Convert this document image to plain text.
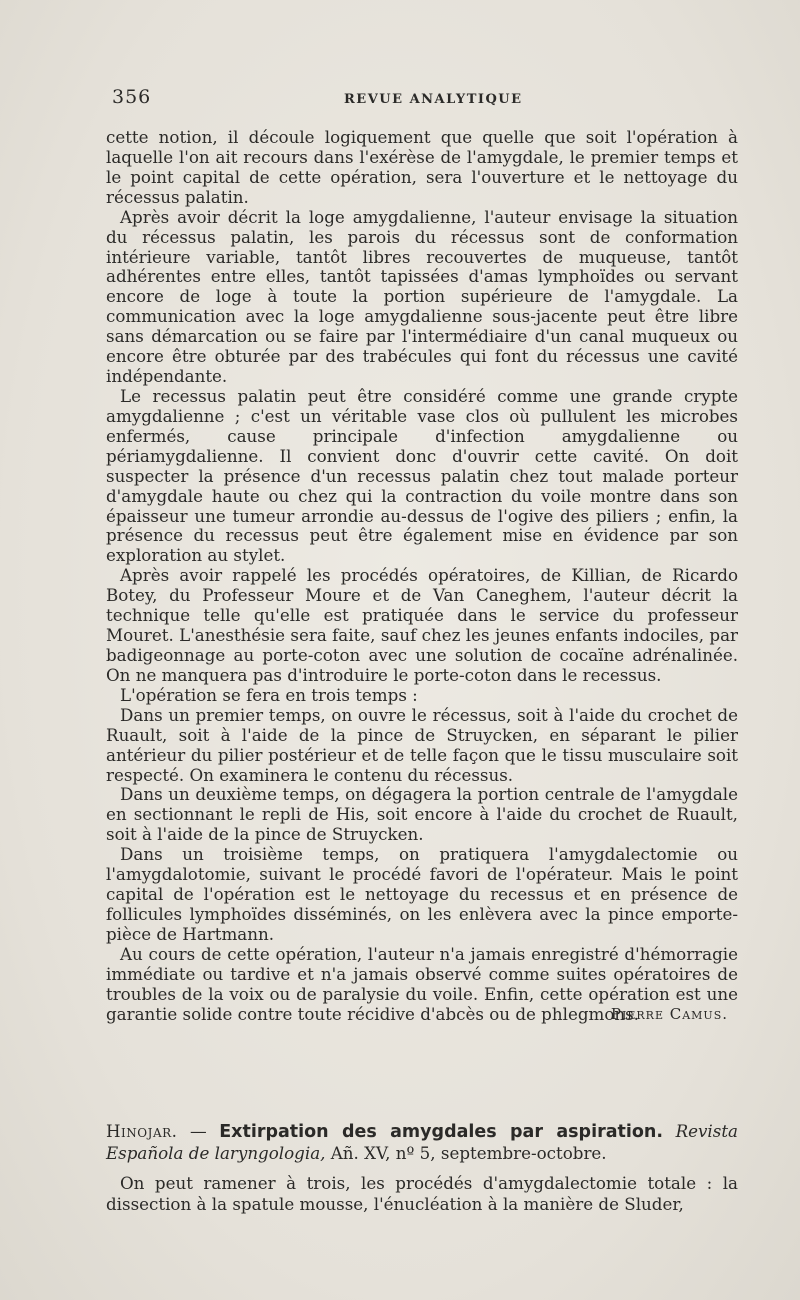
356	REVUE ANALYTIQUE

cette notion, il découle logiquement que quelle que soit l'opération à laquelle l'on ait recours dans l'exérèse de l'amygdale, le premier temps et le point capital de cette opération, sera l'ouverture et le nettoyage du récessus palatin.

Après avoir décrit la loge amygdalienne, l'auteur envisage la situation du récessus palatin, les parois du récessus sont de conformation intérieure variable, tantôt libres recouvertes de muqueuse, tantôt adhérentes entre elles, tantôt tapissées d'amas lymphoïdes ou servant encore de loge à toute la portion supérieure de l'amygdale. La communication avec la loge amygdalienne sous-jacente peut être libre sans démarcation ou se faire par l'intermédiaire d'un canal muqueux ou encore être obturée par des trabécules qui font du récessus une cavité indépendante.

Le recessus palatin peut être considéré comme une grande crypte amygdalienne ; c'est un véritable vase clos où pullulent les microbes enfermés, cause principale d'infection amygdalienne ou périamygdalienne. Il convient donc d'ouvrir cette cavité. On doit suspecter la présence d'un recessus palatin chez tout malade porteur d'amygdale haute ou chez qui la contraction du voile montre dans son épaisseur une tumeur arrondie au-dessus de l'ogive des piliers ; enfin, la présence du recessus peut être également mise en évidence par son exploration au stylet.

Après avoir rappelé les procédés opératoires, de Killian, de Ricardo Botey, du Professeur Moure et de Van Caneghem, l'auteur décrit la technique telle qu'elle est pratiquée dans le service du professeur Mouret. L'anesthésie sera faite, sauf chez les jeunes enfants indociles, par badigeonnage au porte-coton avec une solution de cocaïne adrénalinée. On ne manquera pas d'introduire le porte-coton dans le recessus.

L'opération se fera en trois temps :

Dans un premier temps, on ouvre le récessus, soit à l'aide du crochet de Ruault, soit à l'aide de la pince de Struycken, en séparant le pilier antérieur du pilier postérieur et de telle façon que le tissu musculaire soit respecté. On examinera le contenu du récessus.

Dans un deuxième temps, on dégagera la portion centrale de l'amygdale en sectionnant le repli de His, soit encore à l'aide du crochet de Ruault, soit à l'aide de la pince de Struycken.

Dans un troisième temps, on pratiquera l'amygdalectomie ou l'amygdalotomie, suivant le procédé favori de l'opérateur. Mais le point capital de l'opération est le nettoyage du recessus et en présence de follicules lymphoïdes disséminés, on les enlèvera avec la pince emporte-pièce de Hartmann.

Au cours de cette opération, l'auteur n'a jamais enregistré d'hémorragie immédiate ou tardive et n'a jamais observé comme suites opératoires de troubles de la voix ou de paralysie du voile. Enfin, cette opération est une garantie solide contre toute récidive d'abcès ou de phlegmons.

Pierre Camus.

Hinojar. — Extirpation des amygdales par aspiration. Revista Española de laryngologia, Añ. XV, nº 5, septembre-octobre.

On peut ramener à trois, les procédés d'amygdalectomie totale : la dissection à la spatule mousse, l'énucléation à la manière de Sluder,
